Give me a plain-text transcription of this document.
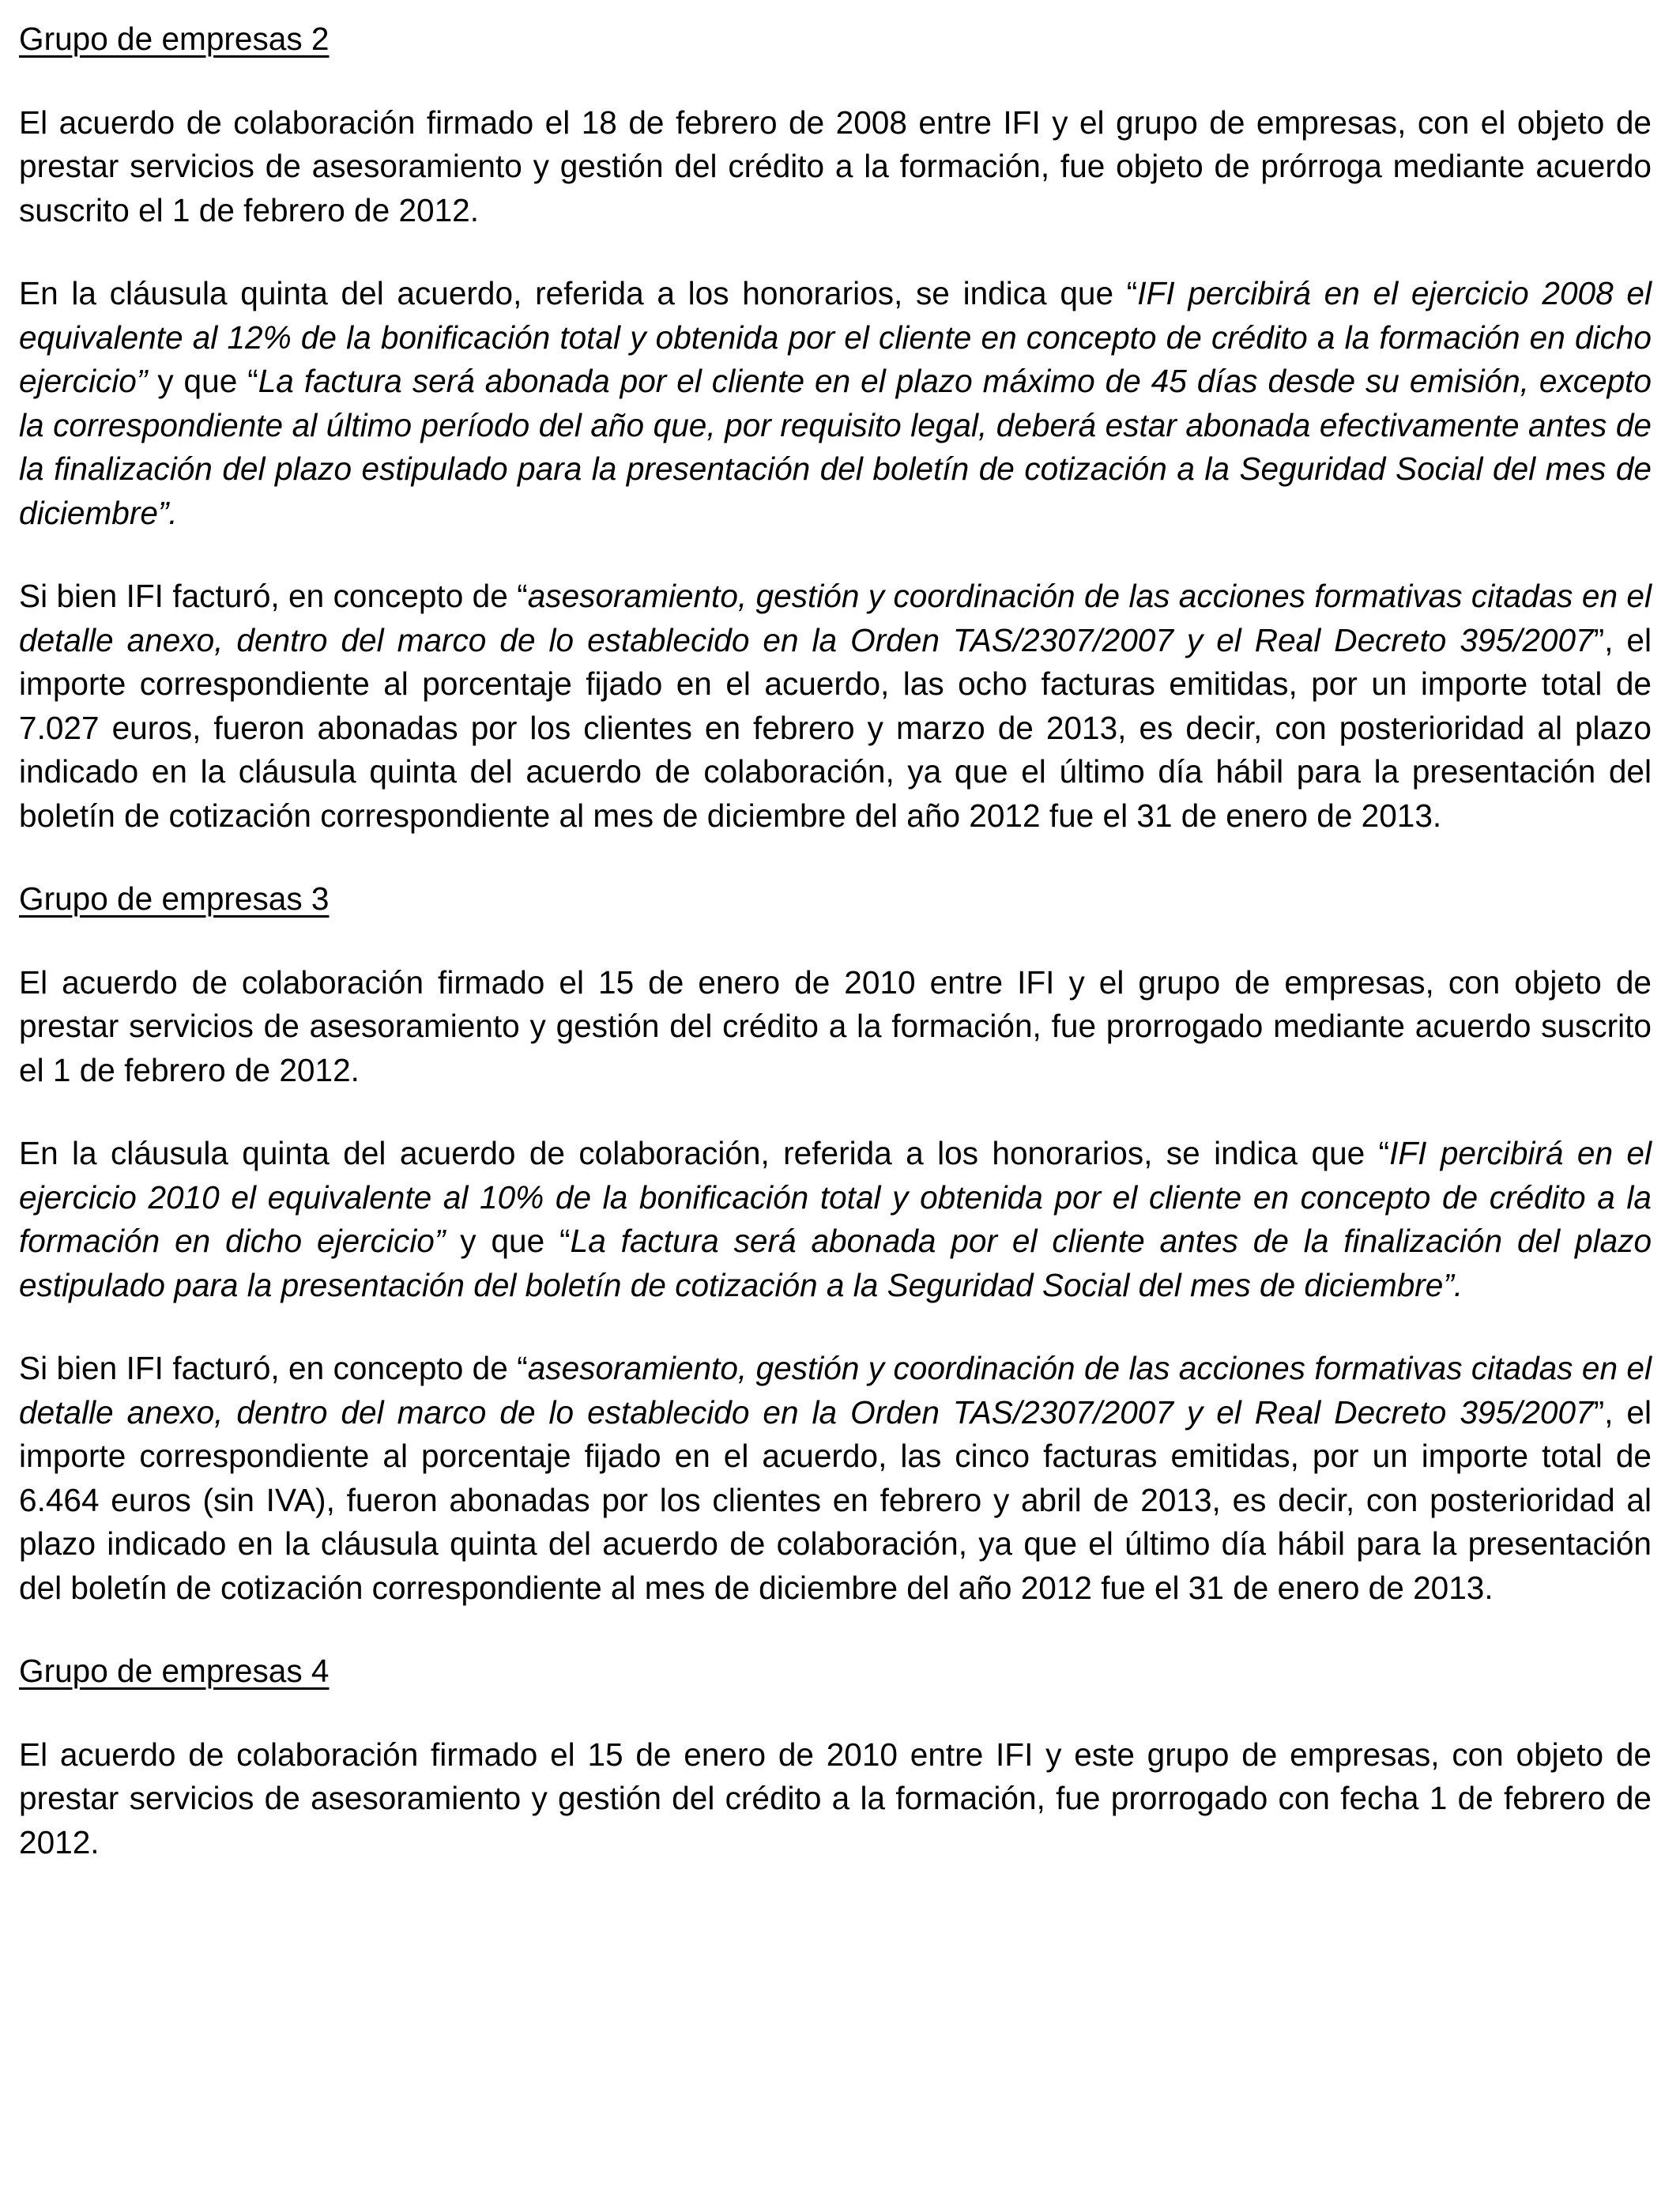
Grupo de empresas 2

El acuerdo de colaboración firmado el 18 de febrero de 2008 entre IFI y el grupo de empresas, con el objeto de prestar servicios de asesoramiento y gestión del crédito a la formación, fue objeto de prórroga mediante acuerdo suscrito el 1 de febrero de 2012.

En la cláusula quinta del acuerdo, referida a los honorarios, se indica que “IFI percibirá en el ejercicio 2008 el equivalente al 12% de la bonificación total y obtenida por el cliente en concepto de crédito a la formación en dicho ejercicio” y que “La factura será abonada por el cliente en el plazo máximo de 45 días desde su emisión, excepto la correspondiente al último período del año que, por requisito legal, deberá estar abonada efectivamente antes de la finalización del plazo estipulado para la presentación del boletín de cotización a la Seguridad Social del mes de diciembre”.

Si bien IFI facturó, en concepto de “asesoramiento, gestión y coordinación de las acciones formativas citadas en el detalle anexo, dentro del marco de lo establecido en la Orden TAS/2307/2007 y el Real Decreto 395/2007”, el importe correspondiente al porcentaje fijado en el acuerdo, las ocho facturas emitidas, por un importe total de 7.027 euros, fueron abonadas por los clientes en febrero y marzo de 2013, es decir, con posterioridad al plazo indicado en la cláusula quinta del acuerdo de colaboración, ya que el último día hábil para la presentación del boletín de cotización correspondiente al mes de diciembre del año 2012 fue el 31 de enero de 2013.

Grupo de empresas 3

El acuerdo de colaboración firmado el 15 de enero de 2010 entre IFI y el grupo de empresas, con objeto de prestar servicios de asesoramiento y gestión del crédito a la formación, fue prorrogado mediante acuerdo suscrito el 1 de febrero de 2012.

En la cláusula quinta del acuerdo de colaboración, referida a los honorarios, se indica que “IFI percibirá en el ejercicio 2010 el equivalente al 10% de la bonificación total y obtenida por el cliente en concepto de crédito a la formación en dicho ejercicio” y que “La factura será abonada por el cliente antes de la finalización del plazo estipulado para la presentación del boletín de cotización a la Seguridad Social del mes de diciembre”.

Si bien IFI facturó, en concepto de “asesoramiento, gestión y coordinación de las acciones formativas citadas en el detalle anexo, dentro del marco de lo establecido en la Orden TAS/2307/2007 y el Real Decreto 395/2007”, el importe correspondiente al porcentaje fijado en el acuerdo, las cinco facturas emitidas, por un importe total de 6.464 euros (sin IVA), fueron abonadas por los clientes en febrero y abril de 2013, es decir, con posterioridad al plazo indicado en la cláusula quinta del acuerdo de colaboración, ya que el último día hábil para la presentación del boletín de cotización correspondiente al mes de diciembre del año 2012 fue el 31 de enero de 2013.

Grupo de empresas 4

El acuerdo de colaboración firmado el 15 de enero de 2010 entre IFI y este grupo de empresas, con objeto de prestar servicios de asesoramiento y gestión del crédito a la formación, fue prorrogado con fecha 1 de febrero de 2012.
